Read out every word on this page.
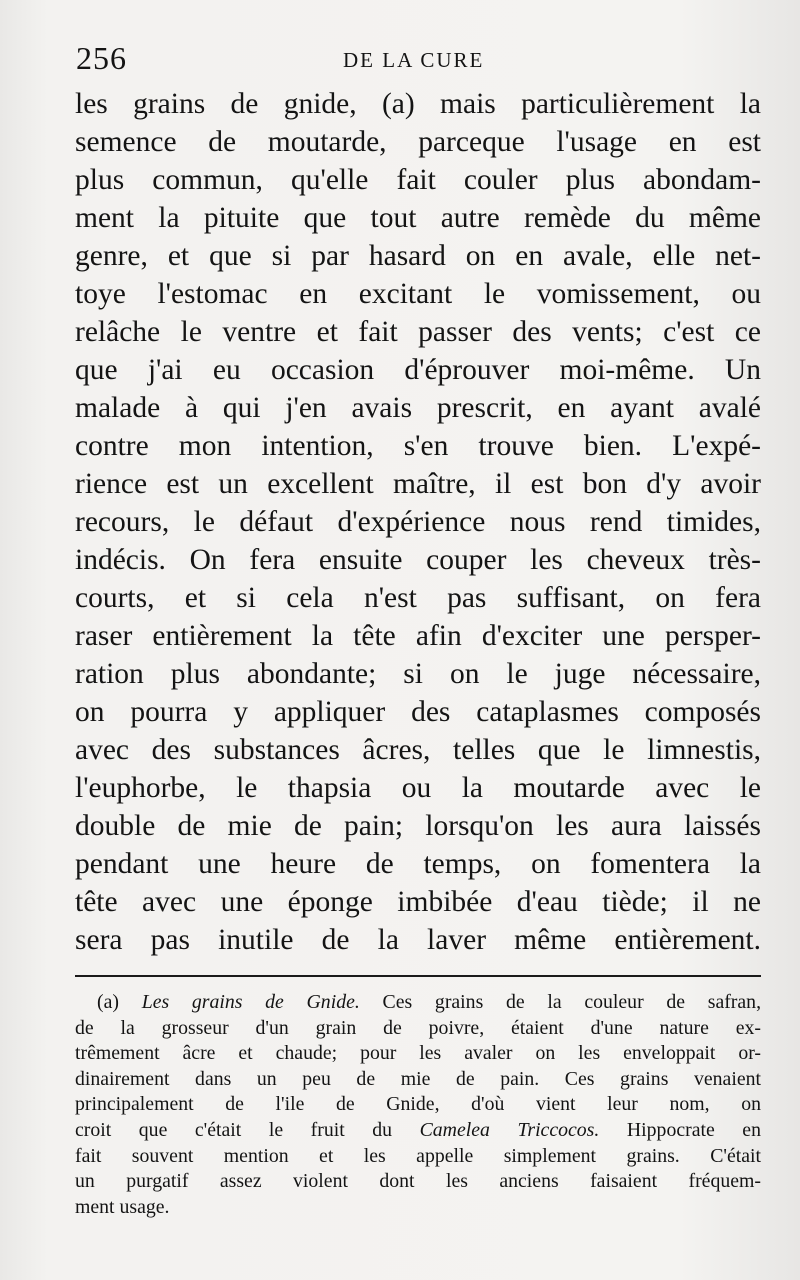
256	DE LA CURE
les grains de gnide, (a) mais particulièrement la
semence de moutarde, parceque l'usage en est
plus commun, qu'elle fait couler plus abondam-
ment la pituite que tout autre remède du même
genre, et que si par hasard on en avale, elle net-
toye l'estomac en excitant le vomissement, ou
relâche le ventre et fait passer des vents; c'est ce
que j'ai eu occasion d'éprouver moi-même. Un
malade à qui j'en avais prescrit, en ayant avalé
contre mon intention, s'en trouve bien. L'expé-
rience est un excellent maître, il est bon d'y avoir
recours, le défaut d'expérience nous rend timides,
indécis. On fera ensuite couper les cheveux très-
courts, et si cela n'est pas suffisant, on fera
raser entièrement la tête afin d'exciter une persper-
ration plus abondante; si on le juge nécessaire,
on pourra y appliquer des cataplasmes composés
avec des substances âcres, telles que le limnestis,
l'euphorbe, le thapsia ou la moutarde avec le
double de mie de pain; lorsqu'on les aura laissés
pendant une heure de temps, on fomentera la
tête avec une éponge imbibée d'eau tiède; il ne
sera pas inutile de la laver même entièrement.
(a) Les grains de Gnide. Ces grains de la couleur de safran,
de la grosseur d'un grain de poivre, étaient d'une nature ex-
trêmement âcre et chaude; pour les avaler on les enveloppait or-
dinairement dans un peu de mie de pain. Ces grains venaient
principalement de l'ile de Gnide, d'où vient leur nom, on
croit que c'était le fruit du Camelea Triccocos. Hippocrate en
fait souvent mention et les appelle simplement grains. C'était
un purgatif assez violent dont les anciens faisaient fréquem-
ment usage.
